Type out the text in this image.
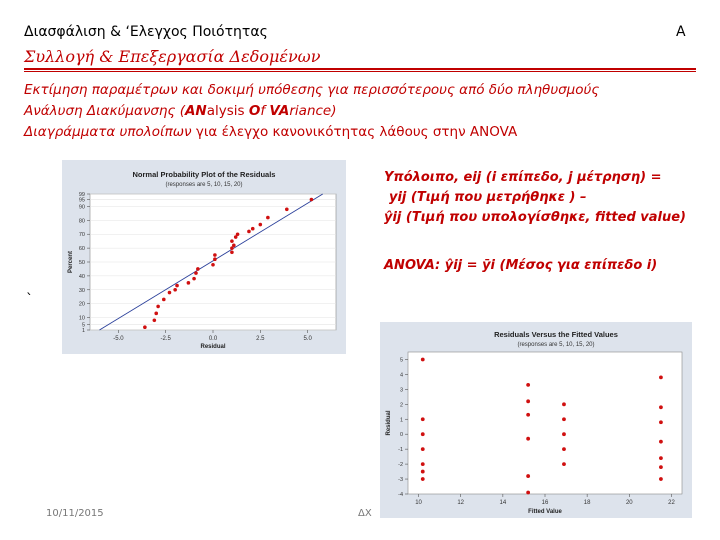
Διασφάλιση & ‘Ελεγχος Ποιότητας	A
Συλλογή & Επεξεργασία Δεδομένων
Εκτίμηση παραμέτρων και δοκιμή υπόθεσης για περισσότερους από δύο πληθυσμούς
Ανάλυση Διακύμανσης (ANalysis Of VAriance)
Διαγράμματα υπολοίπων για έλεγχο κανονικότητας λάθους στην ANOVA
Υπόλοιπο, eij (i επίπεδο, j μέτρηση) =
yij (Τιμή που μετρήθηκε ) –
ŷij (Τιμή που υπολογίσθηκε, fitted value)
ANOVA: ŷij = ȳi (Μέσος για επίπεδο i)
`
Normal Probability Plot of the Residuals
(responses are 5, 10, 15, 20)
1
5
10
20
30
40
50
60
70
80
90
95
99
-5.0	-2.5	0.0	2.5	5.0
Residual
Percent
Residuals Versus the Fitted Values
(responses are 5, 10, 15, 20)
5
4
3
2
1
0
-1
-2
-3
-4
10	12	14	16	18	20	22
Fitted Value
Residual
10/11/2015	ΔΧ
